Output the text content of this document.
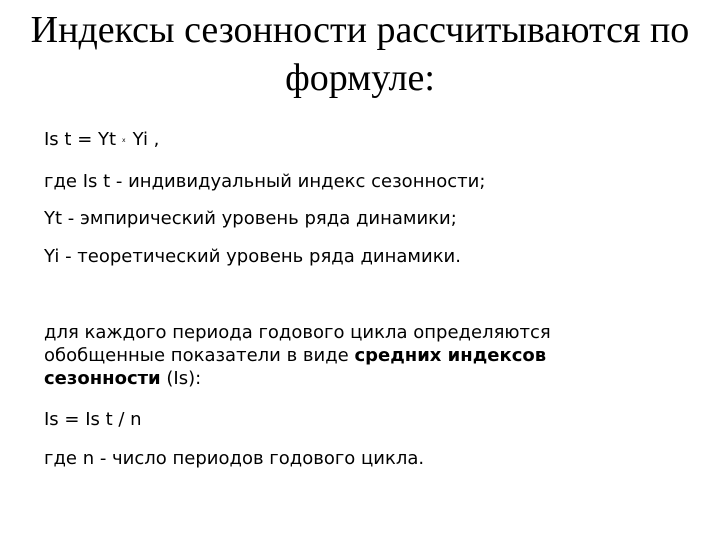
Индексы сезонности рассчитываются по формуле:

Is t = Yt x Yi ,

где Is t - индивидуальный индекс сезонности;

Yt - эмпирический уровень ряда динамики;

Yi - теоретический уровень ряда динамики.

для каждого периода годового цикла определяются обобщенные показатели в виде средних индексов сезонности (Is):

Is = Is t / n

где n - число периодов годового цикла.
